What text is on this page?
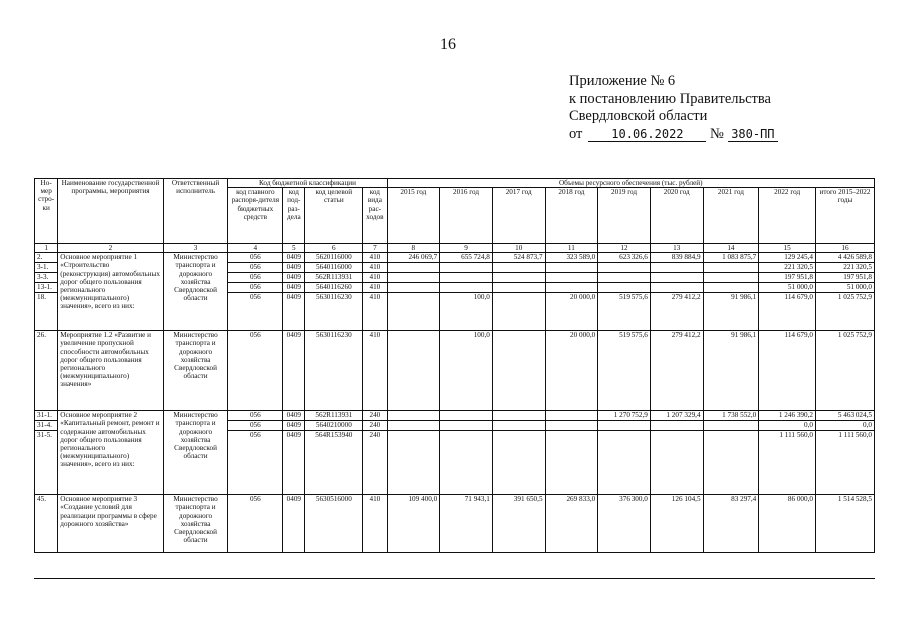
16
Приложение № 6
к постановлению Правительства
Свердловской области
от 10.06.2022 № 380-ПП
Но-мер стро-ки	Наименование государственной программы, мероприятия	Ответственный исполнитель	Код бюджетной классификации				Объемы ресурсного обеспечения (тыс. рублей)								
			код главного распоря-дителя бюджетных средств	код под-раз-дела	код целевой статьи	код вида рас-ходов	2015 год	2016 год	2017 год	2018 год	2019 год	2020 год	2021 год	2022 год	итого 2015–2022 годы
1	2	3	4	5	6	7	8	9	10	11	12	13	14	15	16
2.	Основное мероприятие 1 «Строительство (реконструкция) автомобильных дорог общего пользования регионального (межмуниципального) значения», всего из них:	Министерство транспорта и дорожного хозяйства Свердловской области	056	0409	5620116000	410	246 069,7	655 724,8	524 873,7	323 589,0	623 326,6	839 884,9	1 083 875,7	129 245,4	4 426 589,8
3-1.			056	0409	5640116000	410								221 320,5	221 320,5
3-3.			056	0409	562R113931	410								197 951,8	197 951,8
13-1.			056	0409	5640116260	410								51 000,0	51 000,0
18.			056	0409	5630116230	410		100,0		20 000,0	519 575,6	279 412,2	91 986,1	114 679,0	1 025 752,9
26.	Мероприятие 1.2 «Развитие и увеличение пропускной способности автомобильных дорог общего пользования регионального (межмуниципального) значения»	Министерство транспорта и дорожного хозяйства Свердловской области	056	0409	5630116230	410		100,0		20 000,0	519 575,6	279 412,2	91 986,1	114 679,0	1 025 752,9
31-1.	Основное мероприятие 2 «Капитальный ремонт, ремонт и содержание автомобильных дорог общего пользования регионального (межмуниципального) значения», всего из них:	Министерство транспорта и дорожного хозяйства Свердловской области	056	0409	562R113931	240					1 270 752,9	1 207 329,4	1 738 552,0	1 246 390,2	5 463 024,5
31-4.			056	0409	5640210000	240								0,0	0,0
31-5.			056	0409	564R153940	240								1 111 560,0	1 111 560,0
45.	Основное мероприятие 3 «Создание условий для реализации программы в сфере дорожного хозяйства»	Министерство транспорта и дорожного хозяйства Свердловской области	056	0409	5630516000	410	109 400,0	71 943,1	391 650,5	269 833,0	376 300,0	126 104,5	83 297,4	86 000,0	1 514 528,5
